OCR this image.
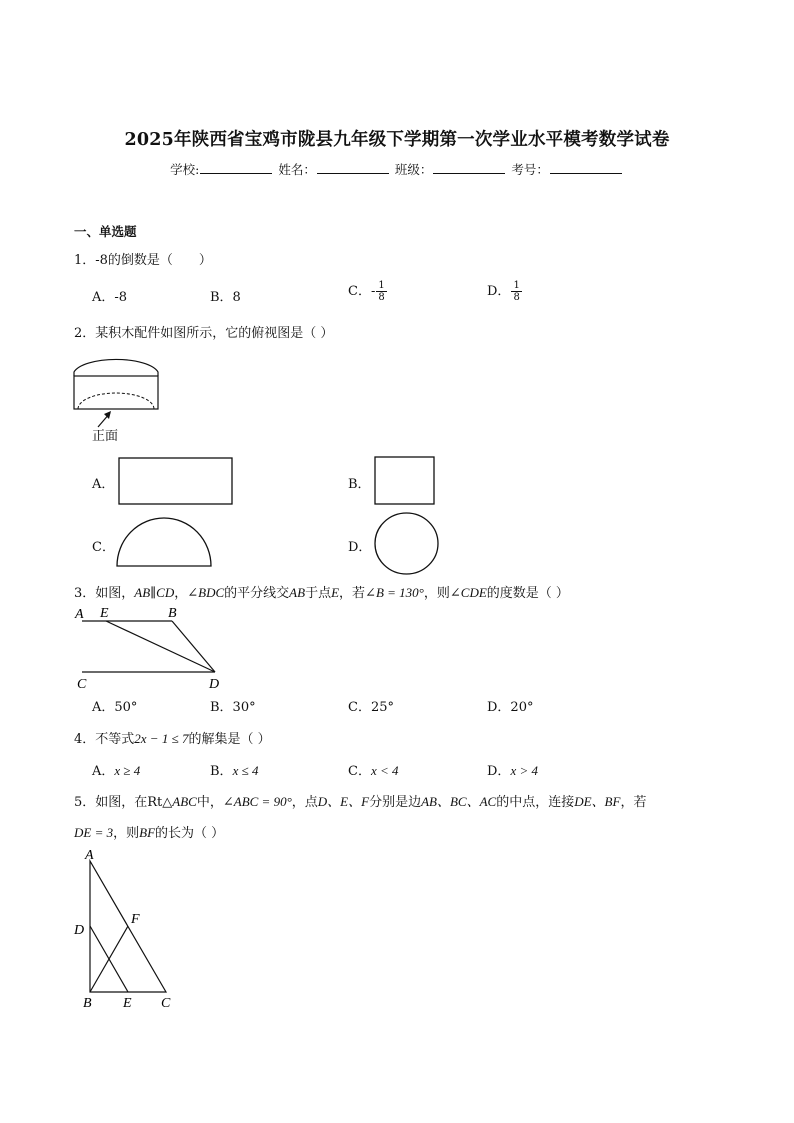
2025年陕西省宝鸡市陇县九年级下学期第一次学业水平模考数学试卷
学校:	姓名：	班级：	考号：
一、单选题
1．-8的倒数是（　　）
A．-8	B．8	C．- $\frac{1}{8}$	D． $\frac{1}{8}$
2．某积木配件如图所示，它的俯视图是（ ）
正面
A．	B．
C．	D．
3．如图，AB∥CD，∠BDC的平分线交AB于点E，若∠B = 130°，则∠CDE的度数是（ ）
A E	B
C	D
A．50°	B．30°	C．25°	D．20°
4．不等式2x − 1 ≤ 7的解集是（ ）
A．x ≥ 4	B．x ≤ 4	C．x < 4	D．x > 4
5．如图，在Rt△ABC中，∠ABC = 90°，点D、E、F分别是边AB、BC、AC的中点，连接DE、BF，若
DE = 3，则BF的长为（ ）
A
D
F
B E C
